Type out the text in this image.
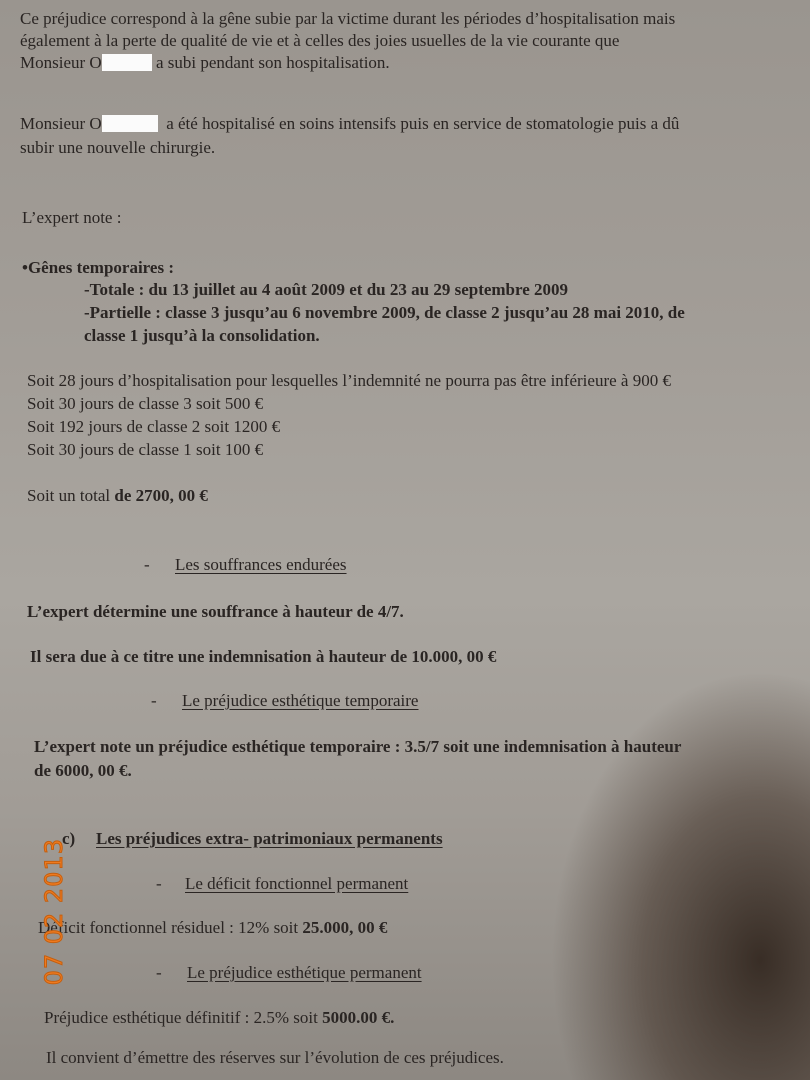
Ce préjudice correspond à la gêne subie par la victime durant les périodes d’hospitalisation mais
également à la perte de qualité de vie et à celles des joies usuelles de la vie courante que
Monsieur O	a subi pendant son hospitalisation.
Monsieur O	a été hospitalisé en soins intensifs puis en service de stomatologie puis a dû
subir une nouvelle chirurgie.
L’expert note :
•Gênes temporaires :
-Totale : du 13 juillet au 4 août 2009 et du 23 au 29 septembre 2009
-Partielle : classe 3 jusqu’au 6 novembre 2009, de classe 2 jusqu’au 28 mai 2010, de
classe 1 jusqu’à la consolidation.
Soit 28 jours d’hospitalisation pour lesquelles l’indemnité ne pourra pas être inférieure à 900 €
Soit 30 jours de classe 3 soit 500 €
Soit 192 jours de classe 2 soit 1200 €
Soit 30 jours de classe 1 soit 100 €
Soit un total de 2700, 00 €
- Les souffrances endurées
L’expert détermine une souffrance à hauteur de 4/7.
Il sera due à ce titre une indemnisation à hauteur de 10.000, 00 €
- Le préjudice esthétique temporaire
L’expert note un préjudice esthétique temporaire : 3.5/7 soit une indemnisation à hauteur
de 6000, 00 €.
c) Les préjudices extra- patrimoniaux permanents
- Le déficit fonctionnel permanent
Déficit fonctionnel résiduel : 12% soit 25.000, 00 €
- Le préjudice esthétique permanent
Préjudice esthétique définitif : 2.5% soit 5000.00 €.
Il convient d’émettre des réserves sur l’évolution de ces préjudices.
07 02 2013
